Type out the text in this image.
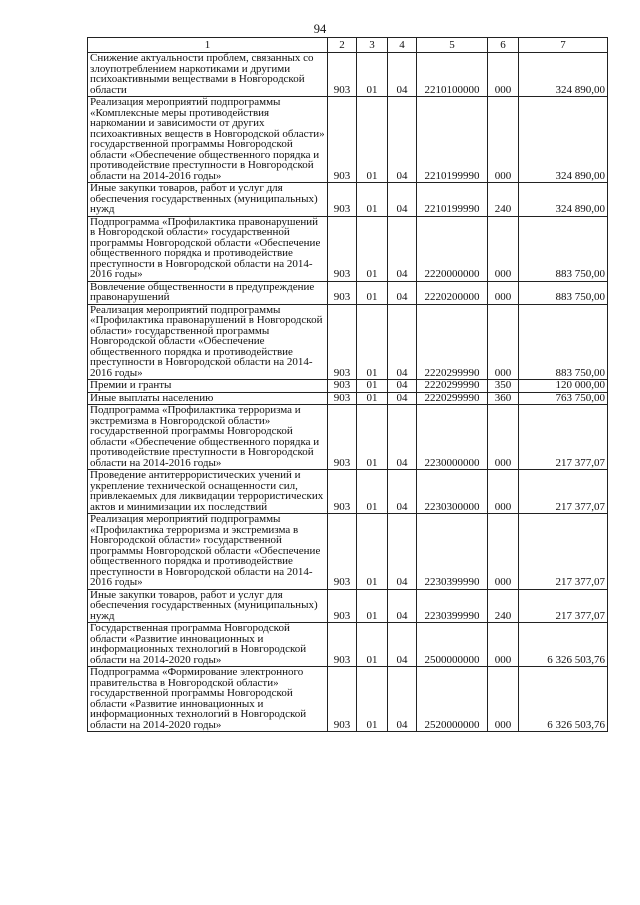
94
1	2	3	4	5	6	7
Снижение актуальности проблем, связанных со злоупотреблением наркотиками и другими психоактивными веществами в Новгородской области	903	01	04	2210100000	000	324 890,00
Реализация мероприятий подпрограммы «Комплексные меры противодействия наркомании и зависимости от других психоактивных веществ в Новгородской области» государственной программы Новгородской области «Обеспечение общественного порядка и противодействие преступности в Новгородской области на 2014-2016 годы»	903	01	04	2210199990	000	324 890,00
Иные закупки товаров, работ и услуг для обеспечения государственных (муниципальных) нужд	903	01	04	2210199990	240	324 890,00
Подпрограмма «Профилактика правонарушений в Новгородской области» государственной программы Новгородской области «Обеспечение общественного порядка и противодействие преступности в Новгородской области на 2014-2016 годы»	903	01	04	2220000000	000	883 750,00
Вовлечение общественности в предупреждение правонарушений	903	01	04	2220200000	000	883 750,00
Реализация мероприятий подпрограммы «Профилактика правонарушений в Новгородской области» государственной программы Новгородской области «Обеспечение общественного порядка и противодействие преступности в Новгородской области на 2014-2016 годы»	903	01	04	2220299990	000	883 750,00
Премии и гранты	903	01	04	2220299990	350	120 000,00
Иные выплаты населению	903	01	04	2220299990	360	763 750,00
Подпрограмма «Профилактика терроризма и экстремизма в Новгородской области» государственной программы Новгородской области «Обеспечение общественного порядка и противодействие преступности в Новгородской области на 2014-2016 годы»	903	01	04	2230000000	000	217 377,07
Проведение антитеррористических учений и укрепление технической оснащенности сил, привлекаемых для ликвидации террористических актов и минимизации их последствий	903	01	04	2230300000	000	217 377,07
Реализация мероприятий подпрограммы «Профилактика терроризма и экстремизма в Новгородской области» государственной программы Новгородской области «Обеспечение общественного порядка и противодействие преступности в Новгородской области на 2014-2016 годы»	903	01	04	2230399990	000	217 377,07
Иные закупки товаров, работ и услуг для обеспечения государственных (муниципальных) нужд	903	01	04	2230399990	240	217 377,07
Государственная программа Новгородской области «Развитие инновационных и информационных технологий в Новгородской области на 2014-2020 годы»	903	01	04	2500000000	000	6 326 503,76
Подпрограмма «Формирование электронного правительства в Новгородской области» государственной программы Новгородской области «Развитие инновационных и информационных технологий в Новгородской области на 2014-2020 годы»	903	01	04	2520000000	000	6 326 503,76
